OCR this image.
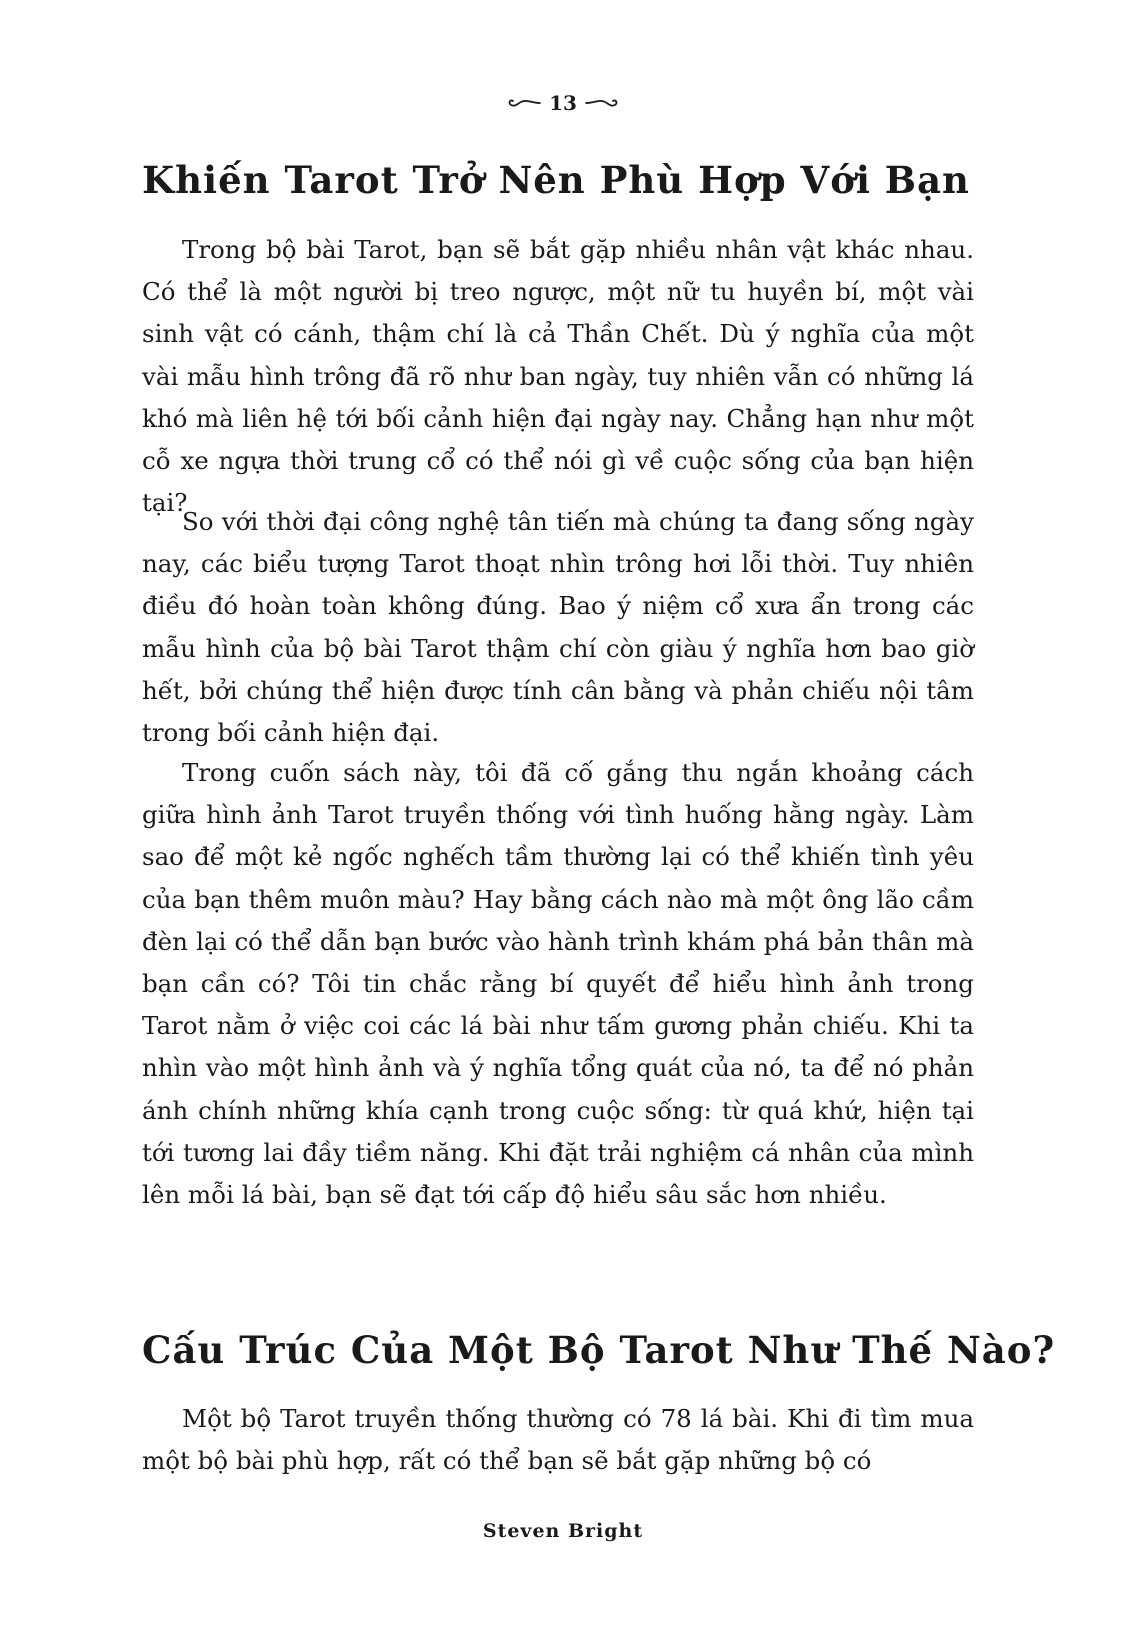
13
Khiến Tarot Trở Nên Phù Hợp Với Bạn

Trong bộ bài Tarot, bạn sẽ bắt gặp nhiều nhân vật khác nhau. Có thể là một người bị treo ngược, một nữ tu huyền bí, một vài sinh vật có cánh, thậm chí là cả Thần Chết. Dù ý nghĩa của một vài mẫu hình trông đã rõ như ban ngày, tuy nhiên vẫn có những lá khó mà liên hệ tới bối cảnh hiện đại ngày nay. Chẳng hạn như một cỗ xe ngựa thời trung cổ có thể nói gì về cuộc sống của bạn hiện tại?

So với thời đại công nghệ tân tiến mà chúng ta đang sống ngày nay, các biểu tượng Tarot thoạt nhìn trông hơi lỗi thời. Tuy nhiên điều đó hoàn toàn không đúng. Bao ý niệm cổ xưa ẩn trong các mẫu hình của bộ bài Tarot thậm chí còn giàu ý nghĩa hơn bao giờ hết, bởi chúng thể hiện được tính cân bằng và phản chiếu nội tâm trong bối cảnh hiện đại.

Trong cuốn sách này, tôi đã cố gắng thu ngắn khoảng cách giữa hình ảnh Tarot truyền thống với tình huống hằng ngày. Làm sao để một kẻ ngốc nghếch tầm thường lại có thể khiến tình yêu của bạn thêm muôn màu? Hay bằng cách nào mà một ông lão cầm đèn lại có thể dẫn bạn bước vào hành trình khám phá bản thân mà bạn cần có? Tôi tin chắc rằng bí quyết để hiểu hình ảnh trong Tarot nằm ở việc coi các lá bài như tấm gương phản chiếu. Khi ta nhìn vào một hình ảnh và ý nghĩa tổng quát của nó, ta để nó phản ánh chính những khía cạnh trong cuộc sống: từ quá khứ, hiện tại tới tương lai đầy tiềm năng. Khi đặt trải nghiệm cá nhân của mình lên mỗi lá bài, bạn sẽ đạt tới cấp độ hiểu sâu sắc hơn nhiều.

Cấu Trúc Của Một Bộ Tarot Như Thế Nào?

Một bộ Tarot truyền thống thường có 78 lá bài. Khi đi tìm mua một bộ bài phù hợp, rất có thể bạn sẽ bắt gặp những bộ có

Steven Bright
